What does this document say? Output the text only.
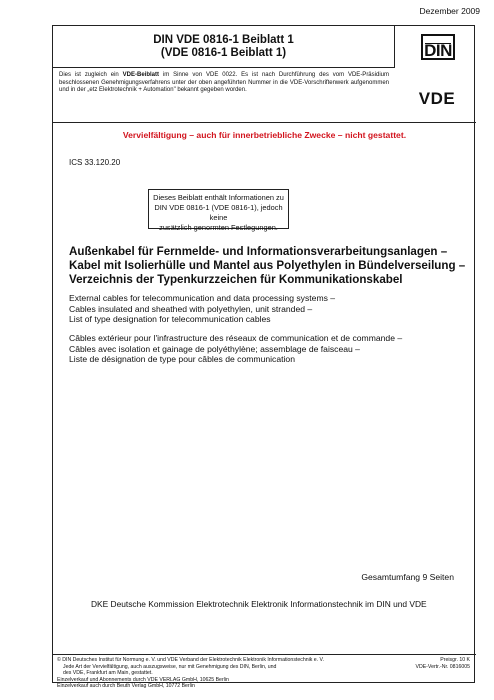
Dezember 2009
DIN VDE 0816-1 Beiblatt 1
(VDE 0816-1 Beiblatt 1)
Dies ist zugleich ein VDE-Beiblatt im Sinne von VDE 0022. Es ist nach Durchführung des vom VDE-Präsidium beschlossenen Genehmigungsverfahrens unter der oben angeführten Nummer in die VDE-Vorschriftenwerk aufgenommen und in der „etz Elektrotechnik + Automation" bekannt gegeben worden.
DIN
VDE
Vervielfältigung – auch für innerbetriebliche Zwecke – nicht gestattet.
ICS 33.120.20
Dieses Beiblatt enthält Informationen zu
DIN VDE 0816-1 (VDE 0816-1), jedoch keine
zusätzlich genormten Festlegungen.
Außenkabel für Fernmelde- und Informationsverarbeitungsanlagen –
Kabel mit Isolierhülle und Mantel aus Polyethylen in Bündelverseilung –
Verzeichnis der Typenkurzzeichen für Kommunikationskabel
External cables for telecommunication and data processing systems –
Cables insulated and sheathed with polyethylen, unit stranded –
List of type designation for telecommunication cables
Câbles extérieur pour l'infrastructure des réseaux de communication et de commande –
Câbles avec isolation et gainage de polyéthylène; assemblage de faisceau –
Liste de désignation de type pour câbles de communication
Gesamtumfang 9 Seiten
DKE Deutsche Kommission Elektrotechnik Elektronik Informationstechnik im DIN und VDE
© DIN Deutsches Institut für Normung e. V. und VDE Verband der Elektrotechnik Elektronik Informationstechnik e. V.
Jede Art der Vervielfältigung, auch auszugsweise, nur mit Genehmigung des DIN, Berlin, und
des VDE, Frankfurt am Main, gestattet.
Einzelverkauf und Abonnements durch VDE VERLAG GmbH, 10625 Berlin
Einzelverkauf auch durch Beuth Verlag GmbH, 10772 Berlin
Preisgr. 10 K
VDE-Vertr.-Nr. 0816005
